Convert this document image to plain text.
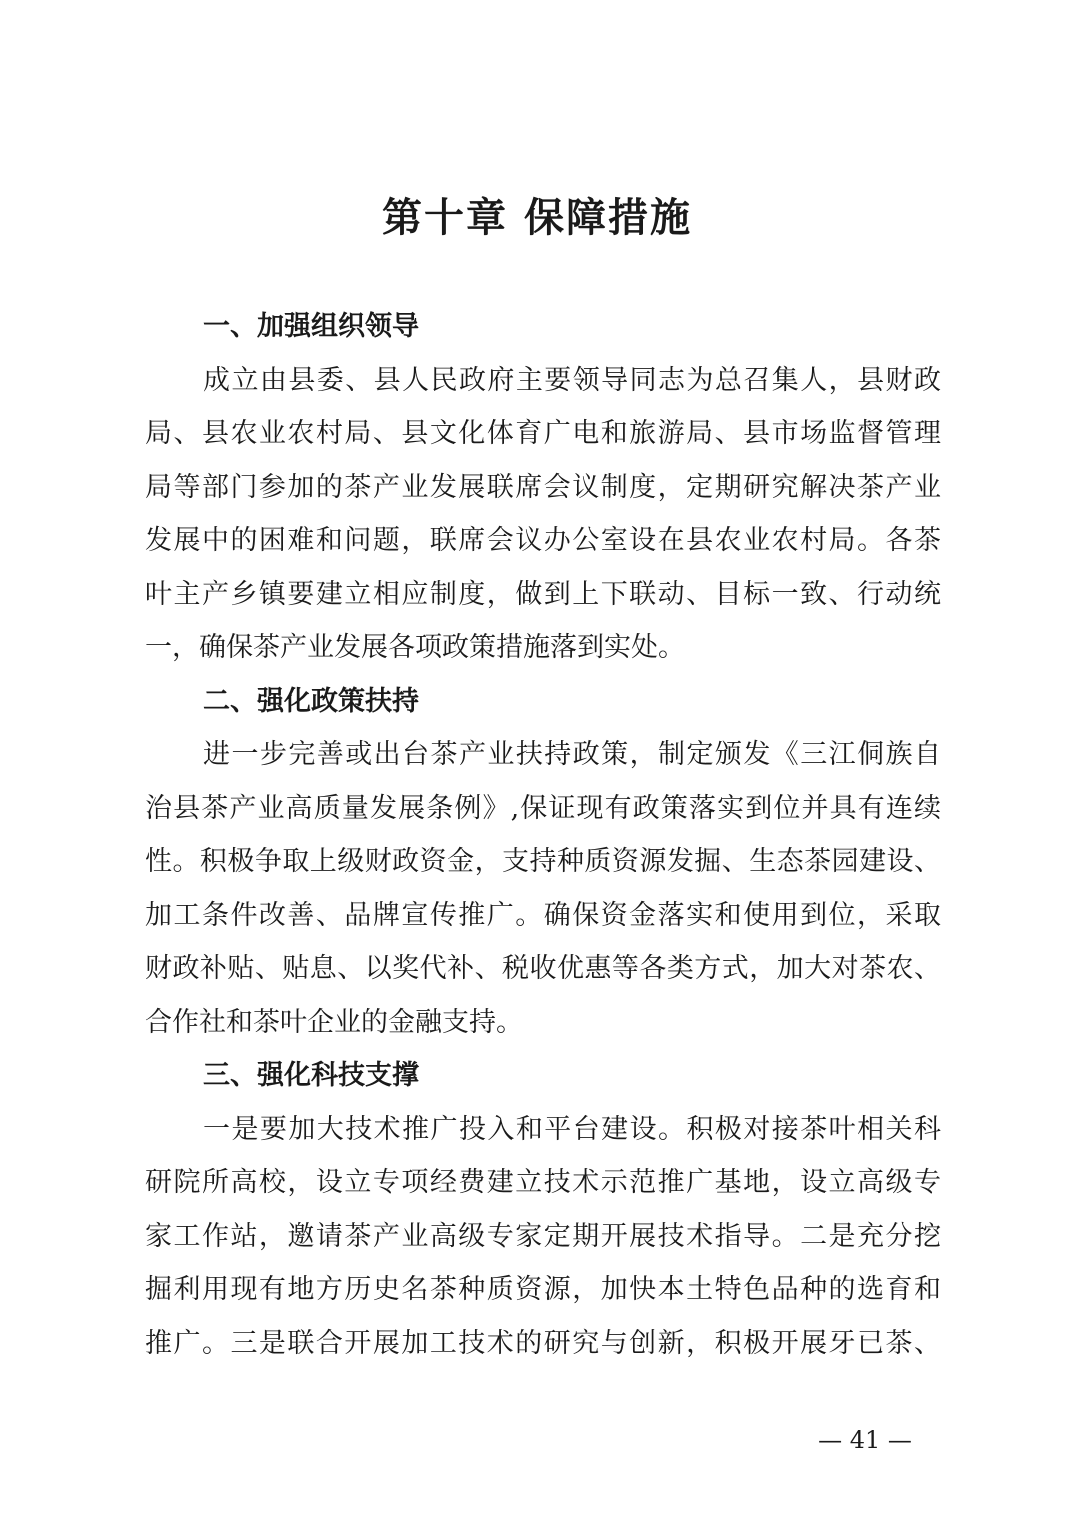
第十章 保障措施
一、加强组织领导
成立由县委、县人民政府主要领导同志为总召集人，县财政
局、县农业农村局、县文化体育广电和旅游局、县市场监督管理
局等部门参加的茶产业发展联席会议制度，定期研究解决茶产业
发展中的困难和问题，联席会议办公室设在县农业农村局。各茶
叶主产乡镇要建立相应制度，做到上下联动、目标一致、行动统
一，确保茶产业发展各项政策措施落到实处。
二、强化政策扶持
进一步完善或出台茶产业扶持政策，制定颁发《三江侗族自
治县茶产业高质量发展条例》,保证现有政策落实到位并具有连续
性。积极争取上级财政资金，支持种质资源发掘、生态茶园建设、
加工条件改善、品牌宣传推广。确保资金落实和使用到位，采取
财政补贴、贴息、以奖代补、税收优惠等各类方式，加大对茶农、
合作社和茶叶企业的金融支持。
三、强化科技支撑
一是要加大技术推广投入和平台建设。积极对接茶叶相关科
研院所高校，设立专项经费建立技术示范推广基地，设立高级专
家工作站，邀请茶产业高级专家定期开展技术指导。二是充分挖
掘利用现有地方历史名茶种质资源，加快本土特色品种的选育和
推广。三是联合开展加工技术的研究与创新，积极开展牙已茶、
— 41 —
